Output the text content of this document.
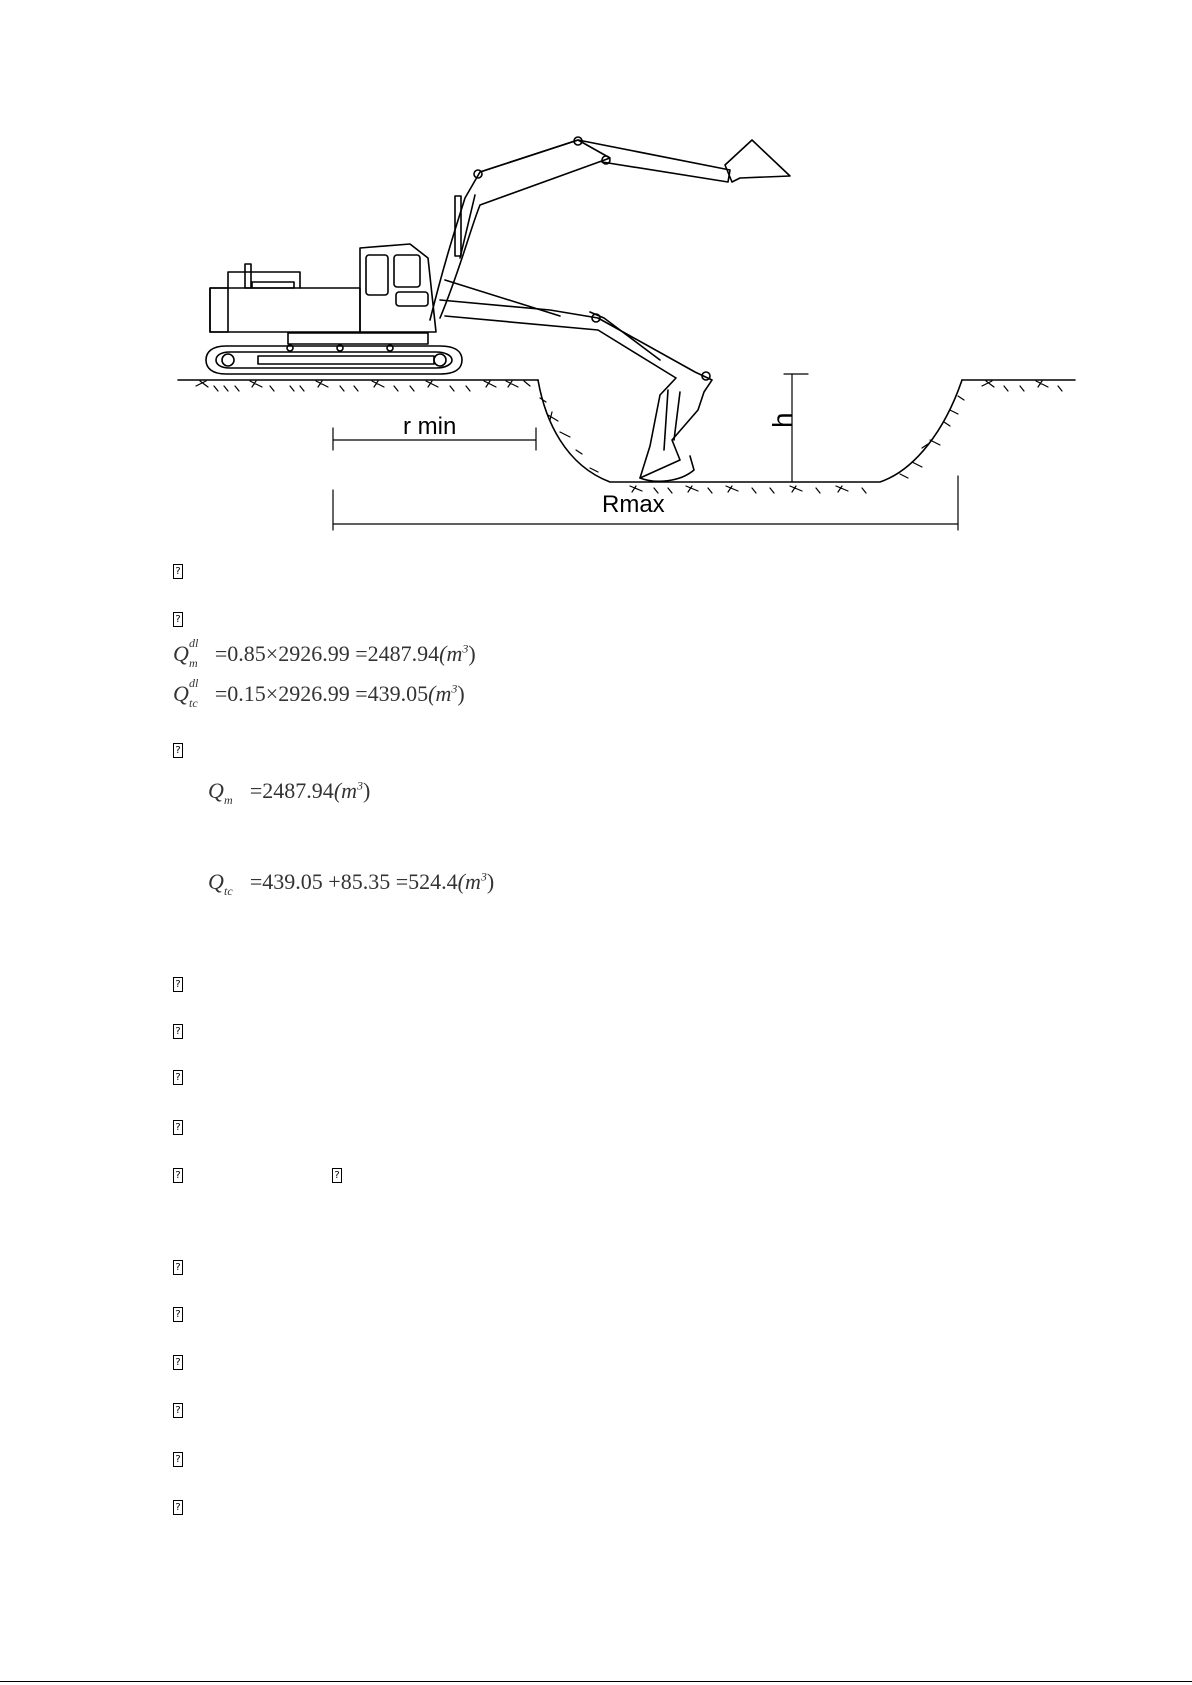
r min
Rmax
h
?
?
?
?
?
?
?
?	?
?
?
?
?
?
?
Q dl
$m =0.85\times 2926.99 =2487.94(m^3)$
Q dl
tc $=0.15\times 2926.99 =439.05(m^3)$
Q $m =2487.94(m^3)$
Q tc $=439.05 +85.35 =524.4(m^3)$
